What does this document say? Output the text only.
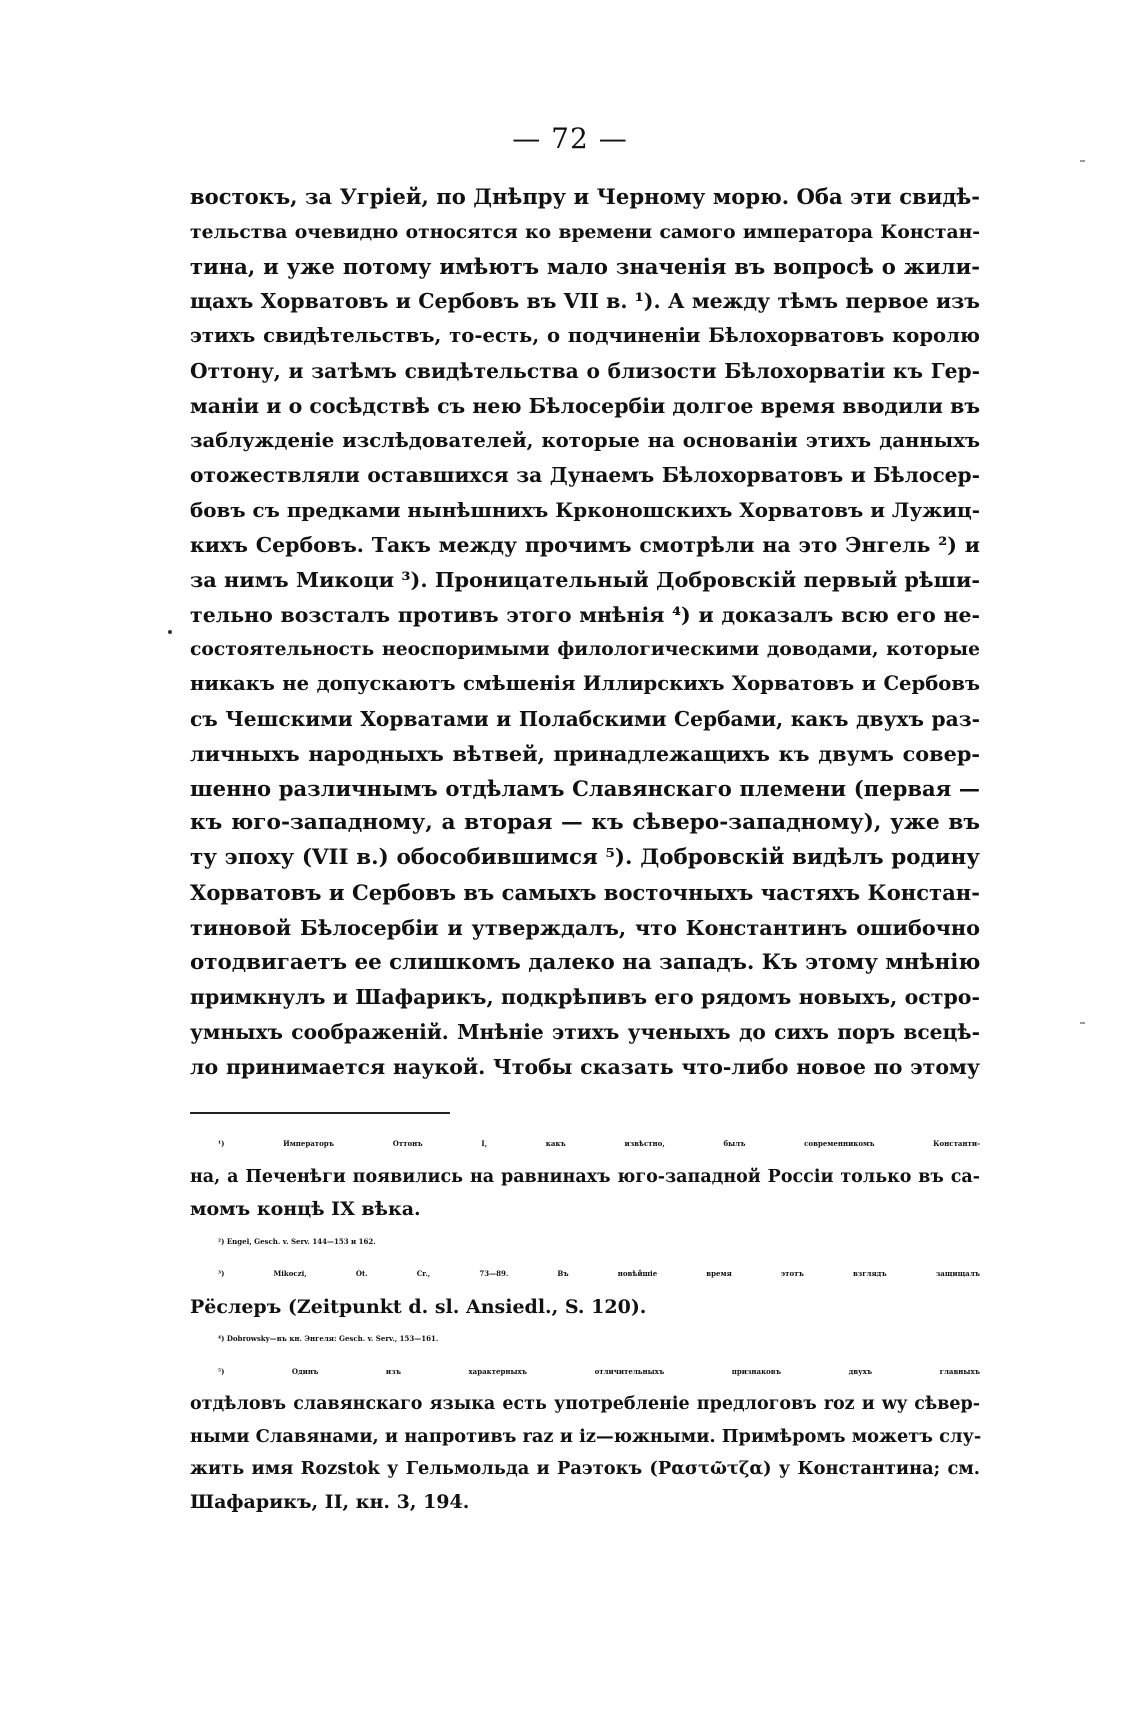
— 72 —
востокъ, за Угріей, по Днѣпру и Черному морю. Оба эти свидѣ-
тельства очевидно относятся ко времени самого императора Констан-
тина, и уже потому имѣютъ мало значенія въ вопросѣ о жили-
щахъ Хорватовъ и Сербовъ въ VII в. ¹). А между тѣмъ первое изъ
этихъ свидѣтельствъ, то-есть, о подчиненіи Бѣлохорватовъ королю
Оттону, и затѣмъ свидѣтельства о близости Бѣлохорватіи къ Гер-
маніи и о сосѣдствѣ съ нею Бѣлосербіи долгое время вводили въ
заблужденіе изслѣдователей, которые на основаніи этихъ данныхъ
отожествляли оставшихся за Дунаемъ Бѣлохорватовъ и Бѣлосер-
бовъ съ предками нынѣшнихъ Крконошскихъ Хорватовъ и Лужиц-
кихъ Сербовъ. Такъ между прочимъ смотрѣли на это Энгель ²) и
за нимъ Микоци ³). Проницательный Добровскій первый рѣши-
тельно возсталъ противъ этого мнѣнія ⁴) и доказалъ всю его не-
состоятельность неоспоримыми филологическими доводами, которые
никакъ не допускаютъ смѣшенія Иллирскихъ Хорватовъ и Сербовъ
съ Чешскими Хорватами и Полабскими Сербами, какъ двухъ раз-
личныхъ народныхъ вѣтвей, принадлежащихъ къ двумъ совер-
шенно различнымъ отдѣламъ Славянскаго племени (первая —
къ юго-западному, а вторая — къ сѣверо-западному), уже въ
ту эпоху (VII в.) обособившимся ⁵). Добровскій видѣлъ родину
Хорватовъ и Сербовъ въ самыхъ восточныхъ частяхъ Констан-
тиновой Бѣлосербіи и утверждалъ, что Константинъ ошибочно
отодвигаетъ ее слишкомъ далеко на западъ. Къ этому мнѣнію
примкнулъ и Шафарикъ, подкрѣпивъ его рядомъ новыхъ, остро-
умныхъ соображеній. Мнѣніе этихъ ученыхъ до сихъ поръ всецѣ-
ло принимается наукой. Чтобы сказать что-либо новое по этому
¹) Императоръ Оттонъ I, какъ извѣстно, былъ современникомъ Константи-
на, а Печенѣги появились на равнинахъ юго-западной Россіи только въ са-
момъ концѣ IX вѣка.
²) Engel, Gesch. v. Serv. 144—153 и 162.
³) Mikoczi, Ot. Cr., 73—89. Въ новѣйшіе время этотъ взглядъ защищалъ
Рёслеръ (Zeitpunkt d. sl. Ansiedl., S. 120).
⁴) Dobrowsky—въ кн. Энгеля: Gesch. v. Serv., 153—161.
⁵) Одинъ изъ характерныхъ отличительныхъ признаковъ двухъ главныхъ
отдѣловъ славянскаго языка есть употребленіе предлоговъ roz и wy сѣвер-
ными Славянами, и напротивъ raz и iz—южными. Примѣромъ можетъ слу-
жить имя Rozstok у Гельмольда и Раэтокъ (Ραστῶτζα) у Константина; см.
Шафарикъ, II, кн. 3, 194.
